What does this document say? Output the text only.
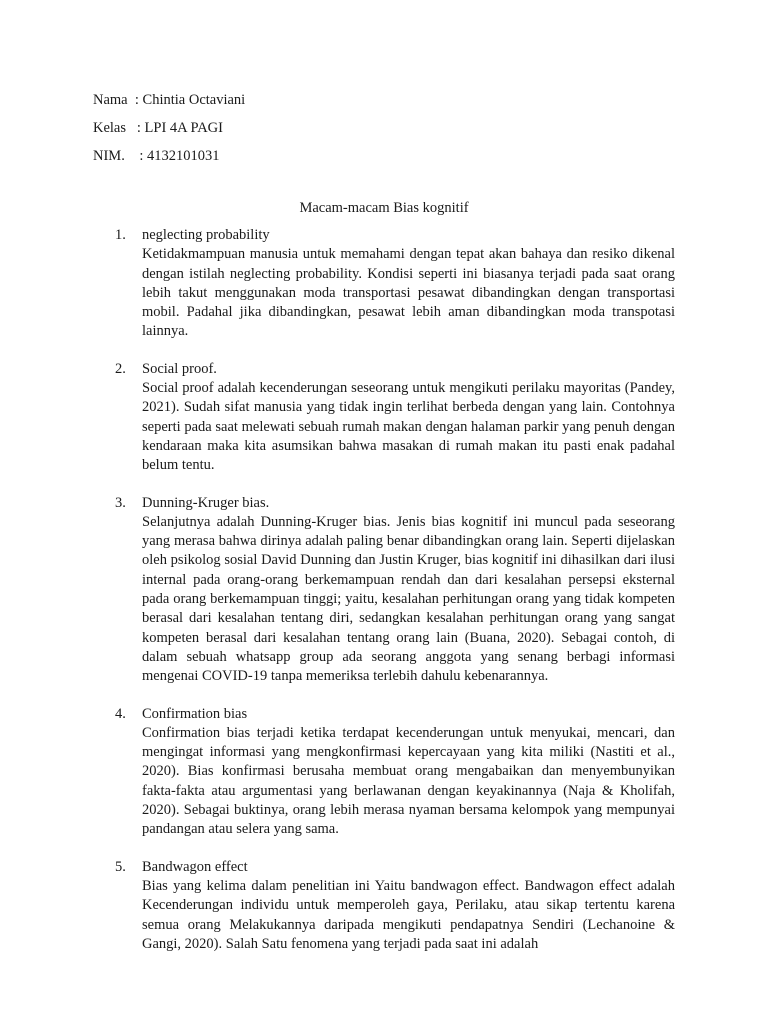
Nama  : Chintia Octaviani
Kelas   : LPI 4A PAGI
NIM.    : 4132101031
Macam-macam Bias kognitif
1. neglecting probability
Ketidakmampuan manusia untuk memahami dengan tepat akan bahaya dan resiko dikenal dengan istilah neglecting probability. Kondisi seperti ini biasanya terjadi pada saat orang lebih takut menggunakan moda transportasi pesawat dibandingkan dengan transportasi mobil. Padahal jika dibandingkan, pesawat lebih aman dibandingkan moda transpotasi lainnya.
2. Social proof.
Social proof adalah kecenderungan seseorang untuk mengikuti perilaku mayoritas (Pandey, 2021). Sudah sifat manusia yang tidak ingin terlihat berbeda dengan yang lain. Contohnya seperti pada saat melewati sebuah rumah makan dengan halaman parkir yang penuh dengan kendaraan maka kita asumsikan bahwa masakan di rumah makan itu pasti enak padahal belum tentu.
3. Dunning-Kruger bias.
Selanjutnya adalah Dunning-Kruger bias. Jenis bias kognitif ini muncul pada seseorang yang merasa bahwa dirinya adalah paling benar dibandingkan orang lain. Seperti dijelaskan oleh psikolog sosial David Dunning dan Justin Kruger, bias kognitif ini dihasilkan dari ilusi internal pada orang-orang berkemampuan rendah dan dari kesalahan persepsi eksternal pada orang berkemampuan tinggi; yaitu, kesalahan perhitungan orang yang tidak kompeten berasal dari kesalahan tentang diri, sedangkan kesalahan perhitungan orang yang sangat kompeten berasal dari kesalahan tentang orang lain (Buana, 2020). Sebagai contoh, di dalam sebuah whatsapp group ada seorang anggota yang senang berbagi informasi mengenai COVID-19 tanpa memeriksa terlebih dahulu kebenarannya.
4. Confirmation bias
Confirmation bias terjadi ketika terdapat kecenderungan untuk menyukai, mencari, dan mengingat informasi yang mengkonfirmasi kepercayaan yang kita miliki (Nastiti et al., 2020). Bias konfirmasi berusaha membuat orang mengabaikan dan menyembunyikan fakta-fakta atau argumentasi yang berlawanan dengan keyakinannya (Naja & Kholifah, 2020). Sebagai buktinya, orang lebih merasa nyaman bersama kelompok yang mempunyai pandangan atau selera yang sama.
5. Bandwagon effect
Bias yang kelima dalam penelitian ini Yaitu bandwagon effect. Bandwagon effect adalah Kecenderungan individu untuk memperoleh gaya, Perilaku, atau sikap tertentu karena semua orang Melakukannya daripada mengikuti pendapatnya Sendiri (Lechanoine & Gangi, 2020). Salah Satu fenomena yang terjadi pada saat ini adalah
